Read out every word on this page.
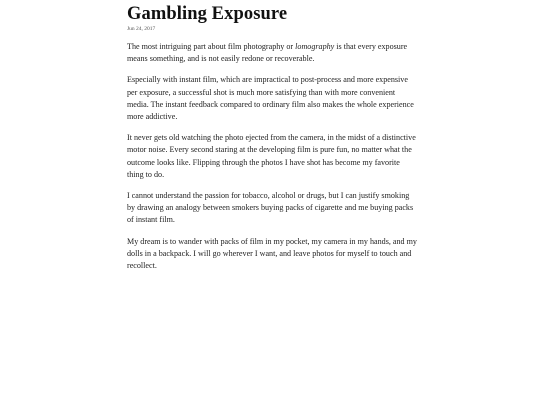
Gambling Exposure
Jun 24, 2017

The most intriguing part about film photography or lomography is that every exposure means something, and is not easily redone or recoverable.

Especially with instant film, which are impractical to post-process and more expensive per exposure, a successful shot is much more satisfying than with more convenient media. The instant feedback compared to ordinary film also makes the whole experience more addictive.

It never gets old watching the photo ejected from the camera, in the midst of a distinctive motor noise. Every second staring at the developing film is pure fun, no matter what the outcome looks like. Flipping through the photos I have shot has become my favorite thing to do.

I cannot understand the passion for tobacco, alcohol or drugs, but I can justify smoking by drawing an analogy between smokers buying packs of cigarette and me buying packs of instant film.

My dream is to wander with packs of film in my pocket, my camera in my hands, and my dolls in a backpack. I will go wherever I want, and leave photos for myself to touch and recollect.
